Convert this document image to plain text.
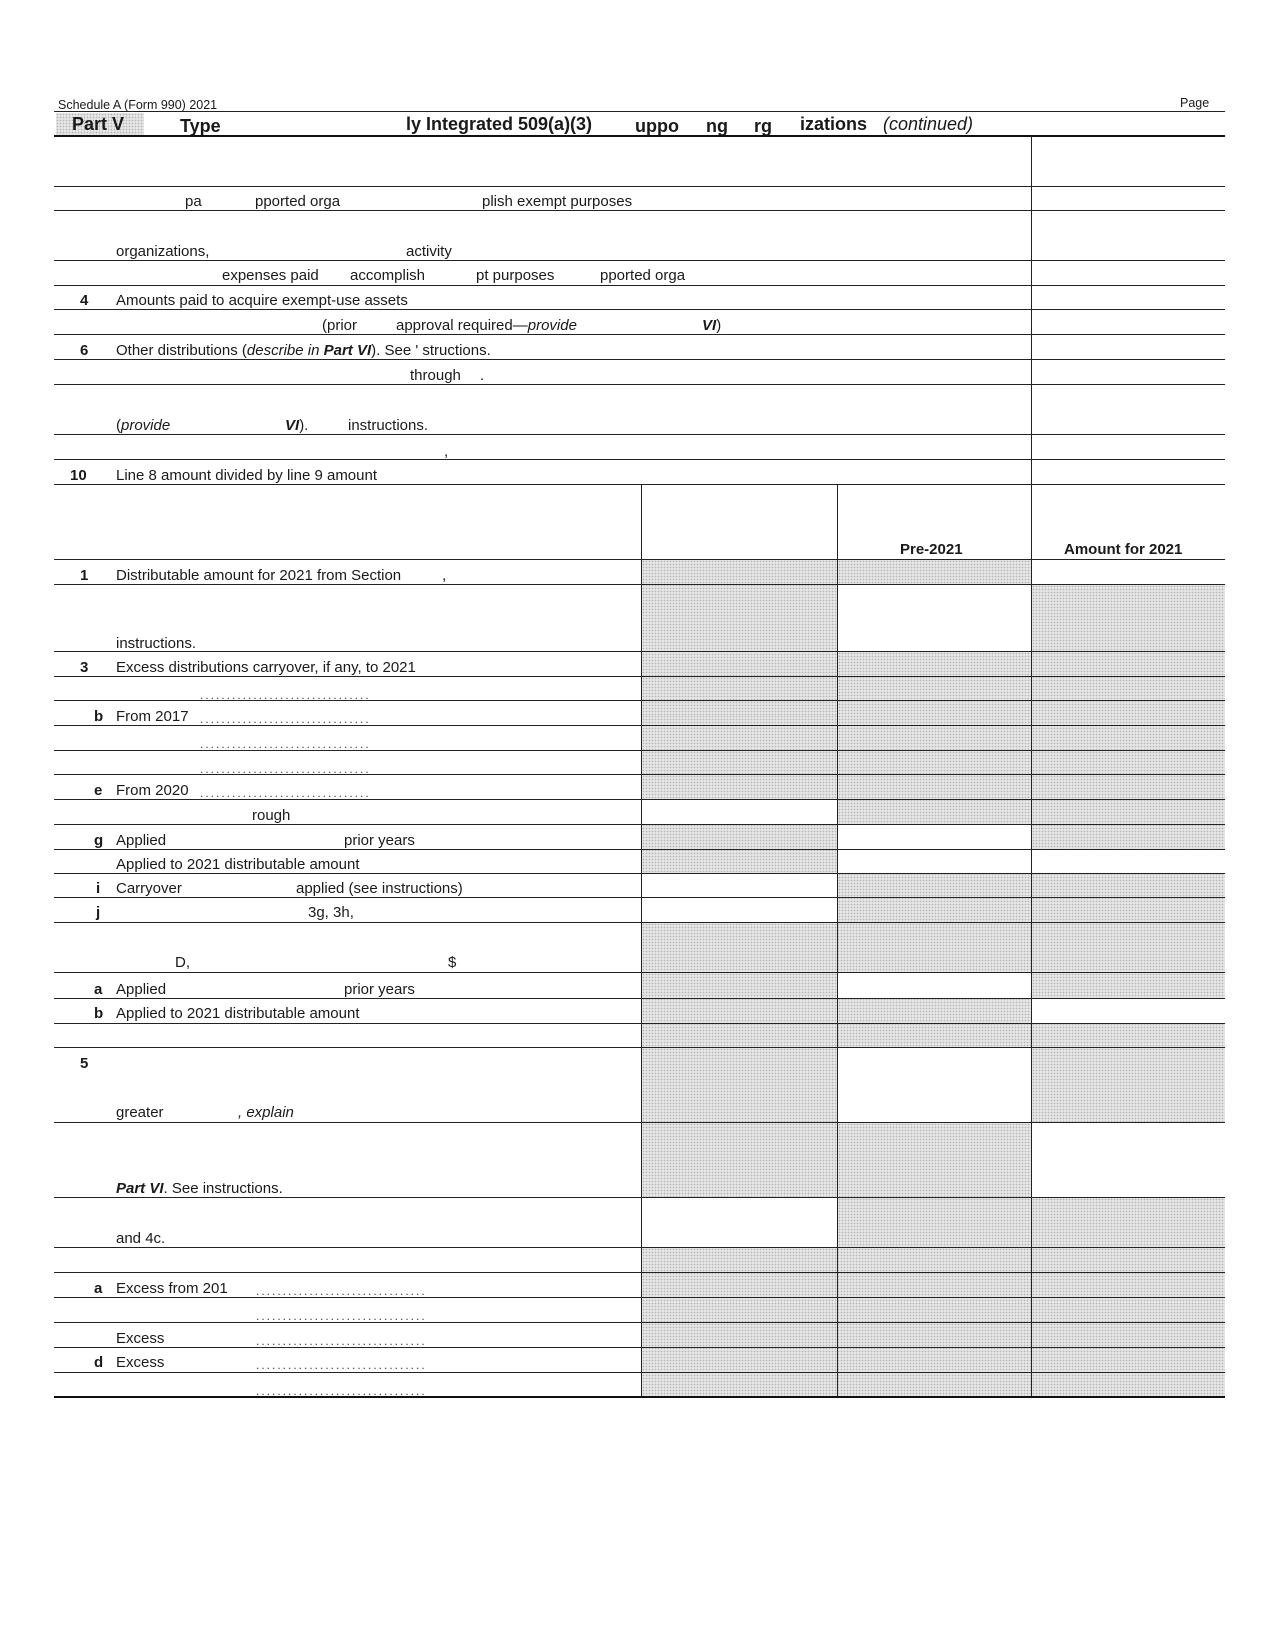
Schedule A (Form 990) 2021	Page
Part V	Type	ly Integrated 509(a)(3) uppo ng rg izations (continued)
pa	pported orga	plish exempt purposes
organizations,	activity
expenses paid accomplish	pt purposes	pported orga
4 Amounts paid to acquire exempt-use assets
(prior	approval required—provide	VI)
6 Other distributions (describe in Part VI). See ' structions.
through .
(provide	VI).	instructions.
,
10 Line 8 amount divided by line 9 amount
Pre-2021	Amount for 2021
1 Distributable amount for 2021 from Section	,
instructions.
3 Excess distributions carryover, if any, to 2021
................................
b From 2017 ................................
................................
................................
e From 2020 ................................
rough
g Applied	prior years
Applied to 2021 distributable amount
i Carryover	applied (see instructions)
j	3g, 3h,
D,	$
a Applied	prior years
b Applied to 2021 distributable amount
5
greater	, explain
Part VI. See instructions.
and 4c.
a Excess from 201 ................................
................................
Excess	................................
d Excess	................................
................................
